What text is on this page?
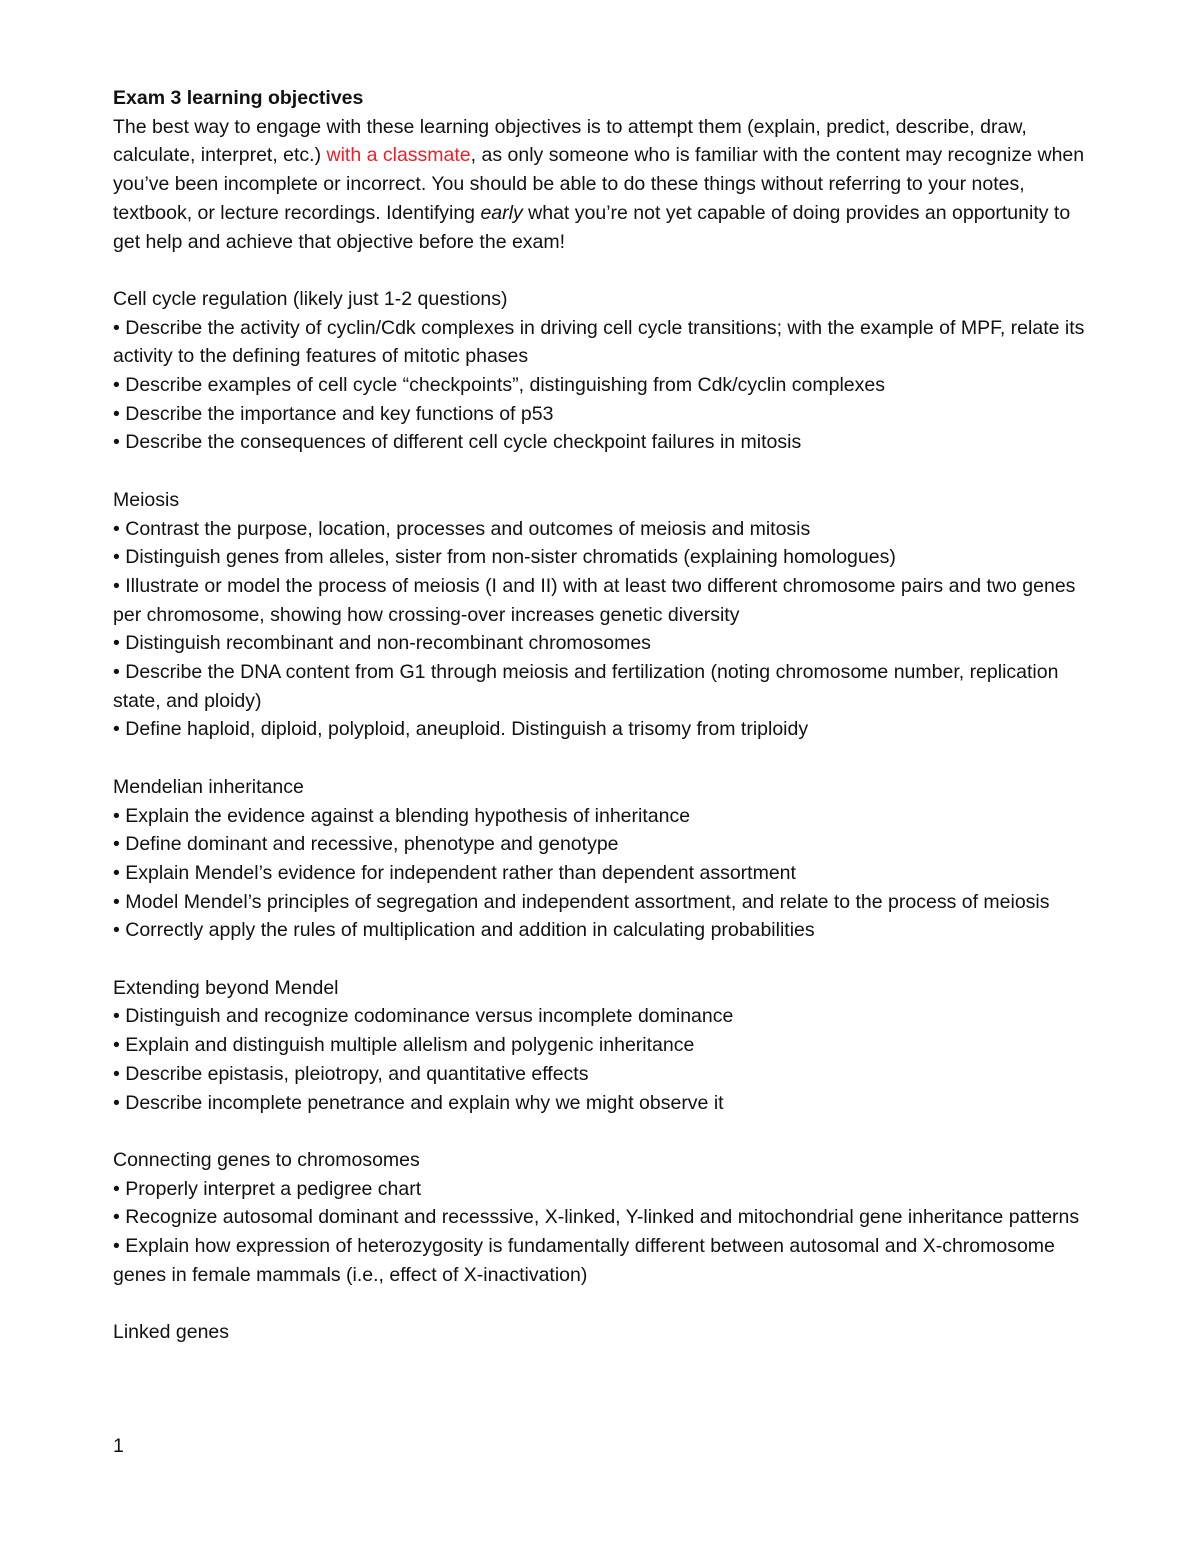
Exam 3 learning objectives

The best way to engage with these learning objectives is to attempt them (explain, predict, describe, draw, calculate, interpret, etc.) with a classmate, as only someone who is familiar with the content may recognize when you’ve been incomplete or incorrect. You should be able to do these things without referring to your notes, textbook, or lecture recordings. Identifying early what you’re not yet capable of doing provides an opportunity to get help and achieve that objective before the exam!

Cell cycle regulation (likely just 1-2 questions)

• Describe the activity of cyclin/Cdk complexes in driving cell cycle transitions; with the example of MPF, relate its activity to the defining features of mitotic phases
• Describe examples of cell cycle “checkpoints”, distinguishing from Cdk/cyclin complexes
• Describe the importance and key functions of p53
• Describe the consequences of different cell cycle checkpoint failures in mitosis

Meiosis

• Contrast the purpose, location, processes and outcomes of meiosis and mitosis
• Distinguish genes from alleles, sister from non-sister chromatids (explaining homologues)
• Illustrate or model the process of meiosis (I and II) with at least two different chromosome pairs and two genes per chromosome, showing how crossing-over increases genetic diversity
• Distinguish recombinant and non-recombinant chromosomes
• Describe the DNA content from G1 through meiosis and fertilization (noting chromosome number, replication state, and ploidy)
• Define haploid, diploid, polyploid, aneuploid. Distinguish a trisomy from triploidy

Mendelian inheritance

• Explain the evidence against a blending hypothesis of inheritance
• Define dominant and recessive, phenotype and genotype
• Explain Mendel’s evidence for independent rather than dependent assortment
• Model Mendel’s principles of segregation and independent assortment, and relate to the process of meiosis
• Correctly apply the rules of multiplication and addition in calculating probabilities

Extending beyond Mendel

• Distinguish and recognize codominance versus incomplete dominance
• Explain and distinguish multiple allelism and polygenic inheritance
• Describe epistasis, pleiotropy, and quantitative effects
• Describe incomplete penetrance and explain why we might observe it

Connecting genes to chromosomes

• Properly interpret a pedigree chart
• Recognize autosomal dominant and recesssive, X-linked, Y-linked and mitochondrial gene inheritance patterns
• Explain how expression of heterozygosity is fundamentally different between autosomal and X-chromosome genes in female mammals (i.e., effect of X-inactivation)

Linked genes

1
